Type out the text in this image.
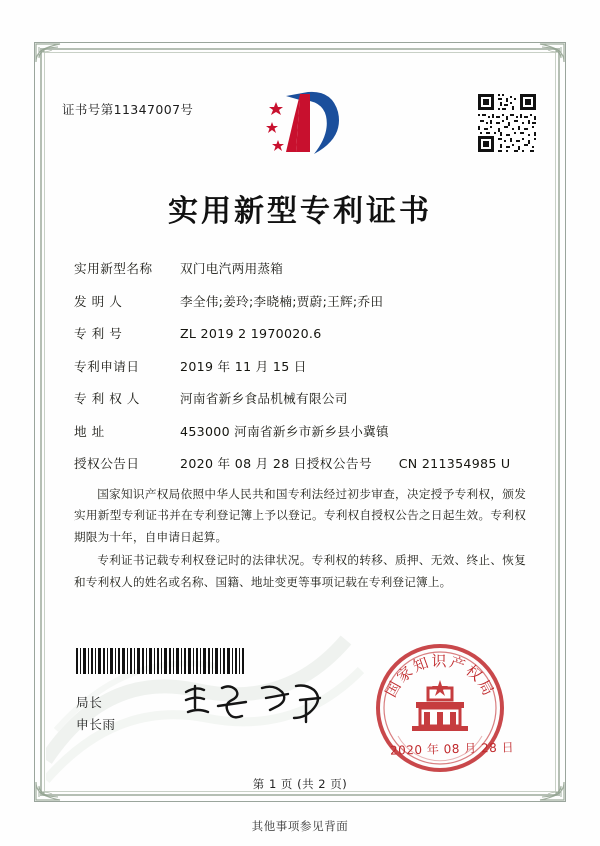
证书号第11347007号
实用新型专利证书
实用新型名称	双门电汽两用蒸箱
发 明 人	李全伟;姜玲;李晓楠;贾蔚;王辉;乔田
专 利 号	ZL 2019 2 1970020.6
专利申请日	2019 年 11 月 15 日
专 利 权 人	河南省新乡食品机械有限公司
地 址	453000 河南省新乡市新乡县小冀镇
授权公告日	2020 年 08 月 28 日 授权公告号	CN 211354985 U

国家知识产权局依照中华人民共和国专利法经过初步审查，决定授予专利权，颁发实用新型专利证书并在专利登记簿上予以登记。专利权自授权公告之日起生效。专利权期限为十年，自申请日起算。

专利证书记载专利权登记时的法律状况。专利权的转移、质押、无效、终止、恢复和专利权人的姓名或名称、国籍、地址变更等事项记载在专利登记簿上。

局长
申长雨
国家知识产权局
2020 年 08 月 28 日
第 1 页 (共 2 页)
其他事项参见背面
